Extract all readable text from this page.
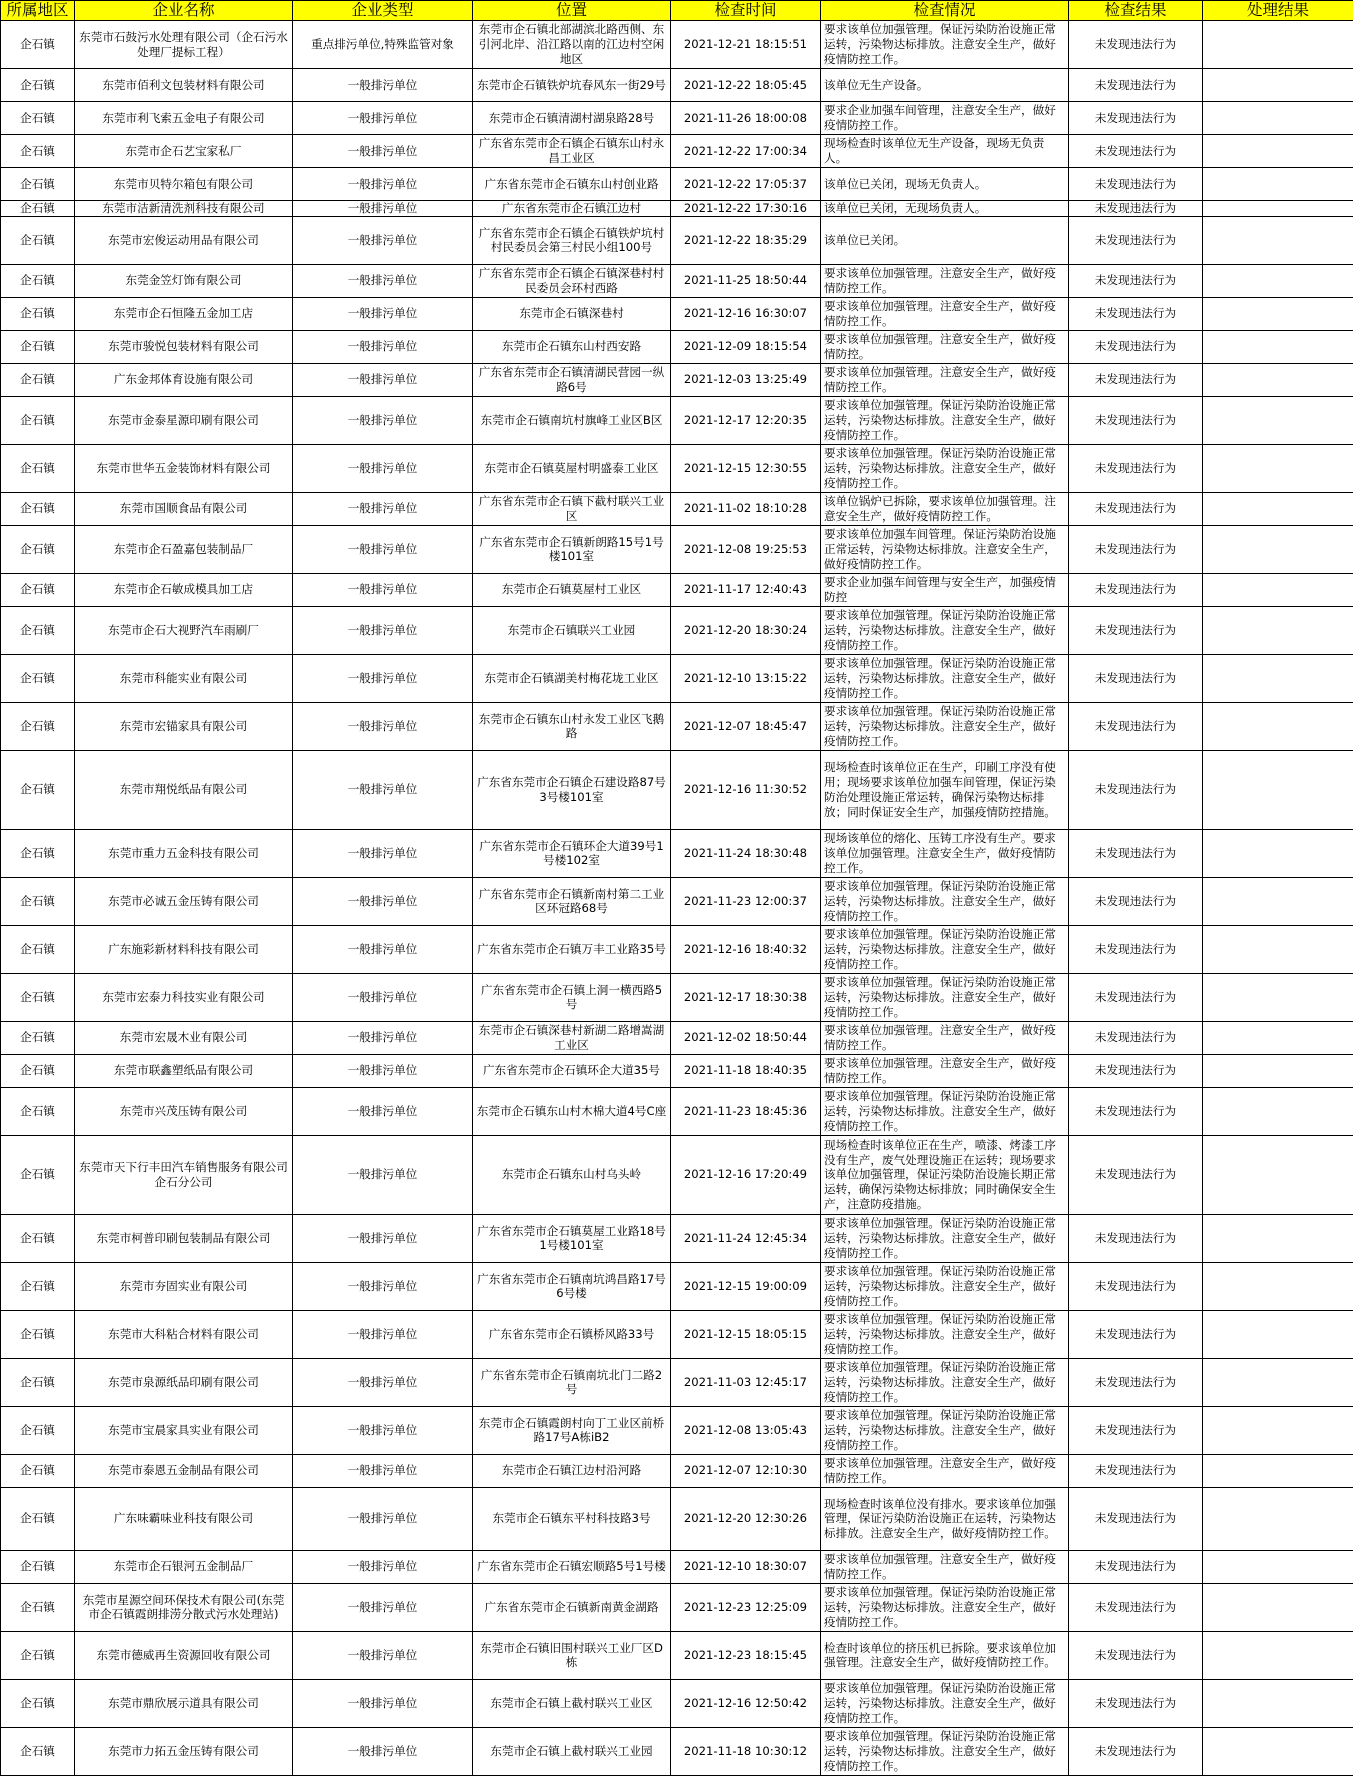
所属地区	企业名称	企业类型	位置	检查时间	检查情况	检查结果	处理结果
企石镇	东莞市石鼓污水处理有限公司（企石污水处理厂提标工程）	重点排污单位,特殊监管对象	东莞市企石镇北部湖滨北路西侧、东引河北岸、沿江路以南的江边村空闲地区	2021-12-21 18:15:51	要求该单位加强管理。保证污染防治设施正常运转，污染物达标排放。注意安全生产，做好疫情防控工作。	未发现违法行为	
企石镇	东莞市佰利文包装材料有限公司	一般排污单位	东莞市企石镇铁炉坑春风东一街29号	2021-12-22 18:05:45	该单位无生产设备。	未发现违法行为	
企石镇	东莞市利飞索五金电子有限公司	一般排污单位	东莞市企石镇清湖村湖泉路28号	2021-11-26 18:00:08	要求企业加强车间管理，注意安全生产，做好疫情防控工作。	未发现违法行为	
企石镇	东莞市企石艺宝家私厂	一般排污单位	广东省东莞市企石镇企石镇东山村永昌工业区	2021-12-22 17:00:34	现场检查时该单位无生产设备，现场无负责人。	未发现违法行为	
企石镇	东莞市贝特尔箱包有限公司	一般排污单位	广东省东莞市企石镇东山村创业路	2021-12-22 17:05:37	该单位已关闭，现场无负责人。	未发现违法行为	
企石镇	东莞市洁新清洗剂科技有限公司	一般排污单位	广东省东莞市企石镇江边村	2021-12-22 17:30:16	该单位已关闭，无现场负责人。	未发现违法行为	
企石镇	东莞市宏俊运动用品有限公司	一般排污单位	广东省东莞市企石镇企石镇铁炉坑村村民委员会第三村民小组100号	2021-12-22 18:35:29	该单位已关闭。	未发现违法行为	
企石镇	东莞金笠灯饰有限公司	一般排污单位	广东省东莞市企石镇企石镇深巷村村民委员会环村西路	2021-11-25 18:50:44	要求该单位加强管理。注意安全生产，做好疫情防控工作。	未发现违法行为	
企石镇	东莞市企石恒隆五金加工店	一般排污单位	东莞市企石镇深巷村	2021-12-16 16:30:07	要求该单位加强管理。注意安全生产，做好疫情防控工作。	未发现违法行为	
企石镇	东莞市骏悦包装材料有限公司	一般排污单位	东莞市企石镇东山村西安路	2021-12-09 18:15:54	要求该单位加强管理。注意安全生产，做好疫情防控。	未发现违法行为	
企石镇	广东金邦体育设施有限公司	一般排污单位	广东省东莞市企石镇清湖民营园一纵路6号	2021-12-03 13:25:49	要求该单位加强管理。注意安全生产，做好疫情防控工作。	未发现违法行为	
企石镇	东莞市金泰星源印刷有限公司	一般排污单位	东莞市企石镇南坑村旗峰工业区B区	2021-12-17 12:20:35	要求该单位加强管理。保证污染防治设施正常运转，污染物达标排放。注意安全生产，做好疫情防控工作。	未发现违法行为	
企石镇	东莞市世华五金装饰材料有限公司	一般排污单位	东莞市企石镇莫屋村明盛泰工业区	2021-12-15 12:30:55	要求该单位加强管理。保证污染防治设施正常运转，污染物达标排放。注意安全生产，做好疫情防控工作。	未发现违法行为	
企石镇	东莞市国顺食品有限公司	一般排污单位	广东省东莞市企石镇下截村联兴工业区	2021-11-02 18:10:28	该单位锅炉已拆除，要求该单位加强管理。注意安全生产，做好疫情防控工作。	未发现违法行为	
企石镇	东莞市企石盈嘉包装制品厂	一般排污单位	广东省东莞市企石镇新朗路15号1号楼101室	2021-12-08 19:25:53	要求该单位加强车间管理。保证污染防治设施正常运转，污染物达标排放。注意安全生产，做好疫情防控工作。	未发现违法行为	
企石镇	东莞市企石敏成模具加工店	一般排污单位	东莞市企石镇莫屋村工业区	2021-11-17 12:40:43	要求企业加强车间管理与安全生产，加强疫情防控	未发现违法行为	
企石镇	东莞市企石大视野汽车雨刷厂	一般排污单位	东莞市企石镇联兴工业园	2021-12-20 18:30:24	要求该单位加强管理。保证污染防治设施正常运转，污染物达标排放。注意安全生产，做好疫情防控工作。	未发现违法行为	
企石镇	东莞市科能实业有限公司	一般排污单位	东莞市企石镇湖美村梅花垅工业区	2021-12-10 13:15:22	要求该单位加强管理。保证污染防治设施正常运转，污染物达标排放。注意安全生产，做好疫情防控工作。	未发现违法行为	
企石镇	东莞市宏锚家具有限公司	一般排污单位	东莞市企石镇东山村永发工业区飞鹅路	2021-12-07 18:45:47	要求该单位加强管理。保证污染防治设施正常运转，污染物达标排放。注意安全生产，做好疫情防控工作。	未发现违法行为	
企石镇	东莞市翔悦纸品有限公司	一般排污单位	广东省东莞市企石镇企石建设路87号3号楼101室	2021-12-16 11:30:52	现场检查时该单位正在生产，印刷工序没有使用；现场要求该单位加强车间管理，保证污染防治处理设施正常运转，确保污染物达标排放；同时保证安全生产，加强疫情防控措施。	未发现违法行为	
企石镇	东莞市重力五金科技有限公司	一般排污单位	广东省东莞市企石镇环企大道39号1号楼102室	2021-11-24 18:30:48	现场该单位的熔化、压铸工序没有生产。要求该单位加强管理。注意安全生产，做好疫情防控工作。	未发现违法行为	
企石镇	东莞市必诚五金压铸有限公司	一般排污单位	广东省东莞市企石镇新南村第二工业区环冠路68号	2021-11-23 12:00:37	要求该单位加强管理。保证污染防治设施正常运转，污染物达标排放。注意安全生产，做好疫情防控工作。	未发现违法行为	
企石镇	广东施彩新材料科技有限公司	一般排污单位	广东省东莞市企石镇万丰工业路35号	2021-12-16 18:40:32	要求该单位加强管理。保证污染防治设施正常运转，污染物达标排放。注意安全生产，做好疫情防控工作。	未发现违法行为	
企石镇	东莞市宏泰力科技实业有限公司	一般排污单位	广东省东莞市企石镇上洞一横西路5号	2021-12-17 18:30:38	要求该单位加强管理。保证污染防治设施正常运转，污染物达标排放。注意安全生产，做好疫情防控工作。	未发现违法行为	
企石镇	东莞市宏晟木业有限公司	一般排污单位	东莞市企石镇深巷村新湖二路增嵩湖工业区	2021-12-02 18:50:44	要求该单位加强管理。注意安全生产，做好疫情防控工作。	未发现违法行为	
企石镇	东莞市联鑫塑纸品有限公司	一般排污单位	广东省东莞市企石镇环企大道35号	2021-11-18 18:40:35	要求该单位加强管理。注意安全生产，做好疫情防控工作。	未发现违法行为	
企石镇	东莞市兴茂压铸有限公司	一般排污单位	东莞市企石镇东山村木棉大道4号C座	2021-11-23 18:45:36	要求该单位加强管理。保证污染防治设施正常运转，污染物达标排放。注意安全生产，做好疫情防控工作。	未发现违法行为	
企石镇	东莞市天下行丰田汽车销售服务有限公司企石分公司	一般排污单位	东莞市企石镇东山村乌头岭	2021-12-16 17:20:49	现场检查时该单位正在生产，喷漆、烤漆工序没有生产，废气处理设施正在运转；现场要求该单位加强管理，保证污染防治设施长期正常运转，确保污染物达标排放；同时确保安全生产，注意防疫措施。	未发现违法行为	
企石镇	东莞市柯普印刷包装制品有限公司	一般排污单位	广东省东莞市企石镇莫屋工业路18号1号楼101室	2021-11-24 12:45:34	要求该单位加强管理。保证污染防治设施正常运转，污染物达标排放。注意安全生产，做好疫情防控工作。	未发现违法行为	
企石镇	东莞市夯固实业有限公司	一般排污单位	广东省东莞市企石镇南坑鸿昌路17号6号楼	2021-12-15 19:00:09	要求该单位加强管理。保证污染防治设施正常运转，污染物达标排放。注意安全生产，做好疫情防控工作。	未发现违法行为	
企石镇	东莞市大科粘合材料有限公司	一般排污单位	广东省东莞市企石镇桥风路33号	2021-12-15 18:05:15	要求该单位加强管理。保证污染防治设施正常运转，污染物达标排放。注意安全生产，做好疫情防控工作。	未发现违法行为	
企石镇	东莞市泉源纸品印刷有限公司	一般排污单位	广东省东莞市企石镇南坑北门二路2号	2021-11-03 12:45:17	要求该单位加强管理。保证污染防治设施正常运转，污染物达标排放。注意安全生产，做好疫情防控工作。	未发现违法行为	
企石镇	东莞市宝晨家具实业有限公司	一般排污单位	东莞市企石镇霞朗村向丁工业区前桥路17号A栋iB2	2021-12-08 13:05:43	要求该单位加强管理。保证污染防治设施正常运转，污染物达标排放。注意安全生产，做好疫情防控工作。	未发现违法行为	
企石镇	东莞市泰恩五金制品有限公司	一般排污单位	东莞市企石镇江边村沿河路	2021-12-07 12:10:30	要求该单位加强管理。注意安全生产，做好疫情防控工作。	未发现违法行为	
企石镇	广东味霸味业科技有限公司	一般排污单位	东莞市企石镇东平村科技路3号	2021-12-20 12:30:26	现场检查时该单位没有排水。要求该单位加强管理，保证污染防治设施正在运转，污染物达标排放。注意安全生产，做好疫情防控工作。	未发现违法行为	
企石镇	东莞市企石银河五金制品厂	一般排污单位	广东省东莞市企石镇宏顺路5号1号楼	2021-12-10 18:30:07	要求该单位加强管理。注意安全生产，做好疫情防控工作。	未发现违法行为	
企石镇	东莞市星源空间环保技术有限公司(东莞市企石镇霞朗排涝分散式污水处理站)	一般排污单位	广东省东莞市企石镇新南黄金湖路	2021-12-23 12:25:09	要求该单位加强管理。保证污染防治设施正常运转，污染物达标排放。注意安全生产，做好疫情防控工作。	未发现违法行为	
企石镇	东莞市德威再生资源回收有限公司	一般排污单位	东莞市企石镇旧围村联兴工业厂区D栋	2021-12-23 18:15:45	检查时该单位的挤压机已拆除。要求该单位加强管理。注意安全生产，做好疫情防控工作。	未发现违法行为	
企石镇	东莞市鼎欣展示道具有限公司	一般排污单位	东莞市企石镇上截村联兴工业区	2021-12-16 12:50:42	要求该单位加强管理。保证污染防治设施正常运转，污染物达标排放。注意安全生产，做好疫情防控工作。	未发现违法行为	
企石镇	东莞市力拓五金压铸有限公司	一般排污单位	东莞市企石镇上截村联兴工业园	2021-11-18 10:30:12	要求该单位加强管理。保证污染防治设施正常运转，污染物达标排放。注意安全生产，做好疫情防控工作。	未发现违法行为	
